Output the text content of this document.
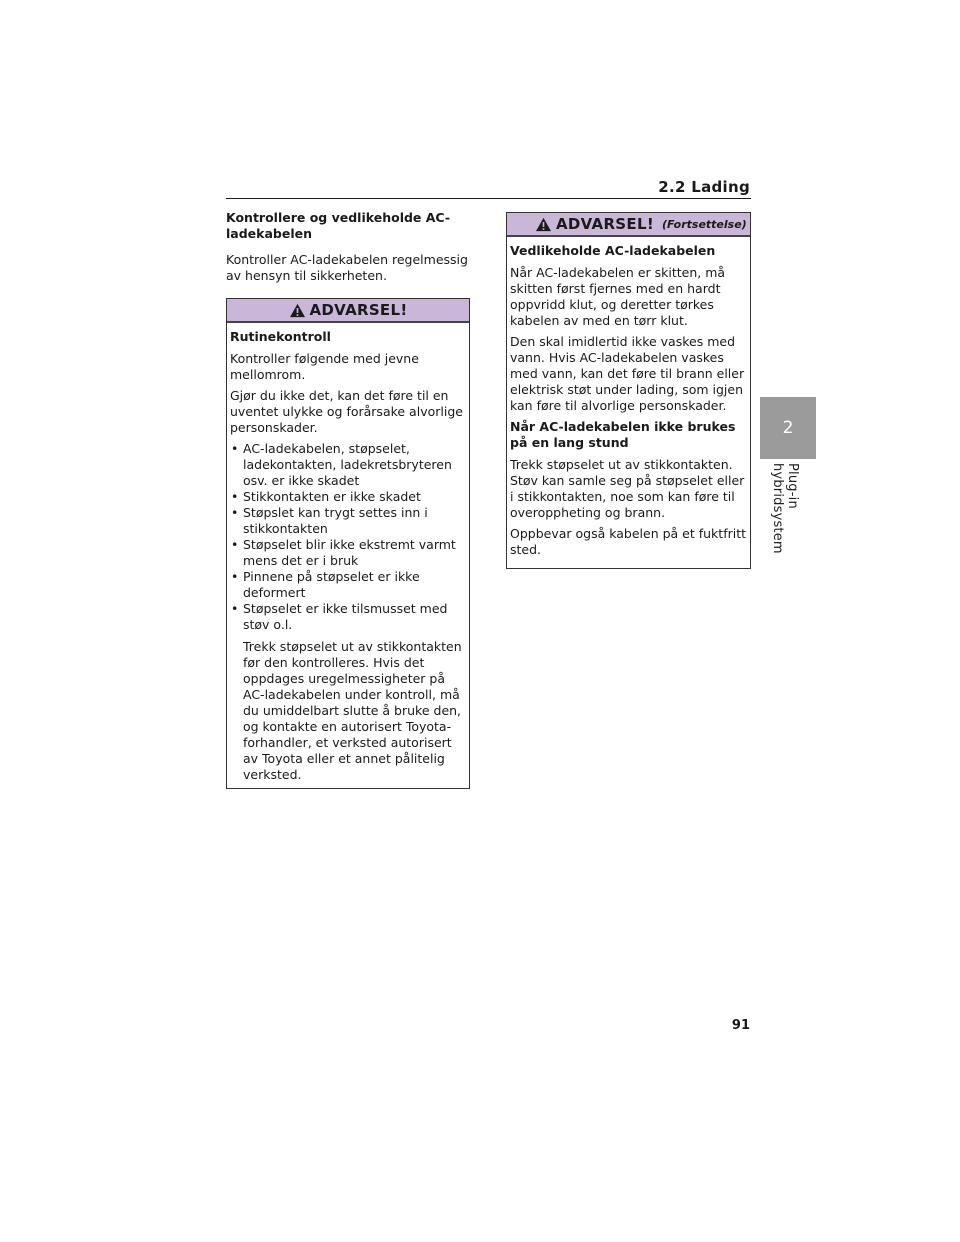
2.2 Lading

Kontrollere og vedlikeholde AC-ladekabelen

Kontroller AC-ladekabelen regelmessig av hensyn til sikkerheten.

ADVARSEL!

Rutinekontroll

Kontroller følgende med jevne mellomrom.

Gjør du ikke det, kan det føre til en uventet ulykke og forårsake alvorlige personskader.

• AC-ladekabelen, støpselet, ladekontakten, ladekretsbryteren osv. er ikke skadet
• Stikkontakten er ikke skadet
• Støpslet kan trygt settes inn i stikkontakten
• Støpselet blir ikke ekstremt varmt mens det er i bruk
• Pinnene på støpselet er ikke deformert
• Støpselet er ikke tilsmusset med støv o.l.

Trekk støpselet ut av stikkontakten før den kontrolleres. Hvis det oppdages uregelmessigheter på AC-ladekabelen under kontroll, må du umiddelbart slutte å bruke den, og kontakte en autorisert Toyota-forhandler, et verksted autorisert av Toyota eller et annet pålitelig verksted.

ADVARSEL! (Fortsettelse)

Vedlikeholde AC-ladekabelen

Når AC-ladekabelen er skitten, må skitten først fjernes med en hardt oppvridd klut, og deretter tørkes kabelen av med en tørr klut.

Den skal imidlertid ikke vaskes med vann. Hvis AC-ladekabelen vaskes med vann, kan det føre til brann eller elektrisk støt under lading, som igjen kan føre til alvorlige personskader.

Når AC-ladekabelen ikke brukes på en lang stund

Trekk støpselet ut av stikkontakten. Støv kan samle seg på støpselet eller i stikkontakten, noe som kan føre til overoppheting og brann.

Oppbevar også kabelen på et fuktfritt sted.

2
Plug-in hybridsystem
91
